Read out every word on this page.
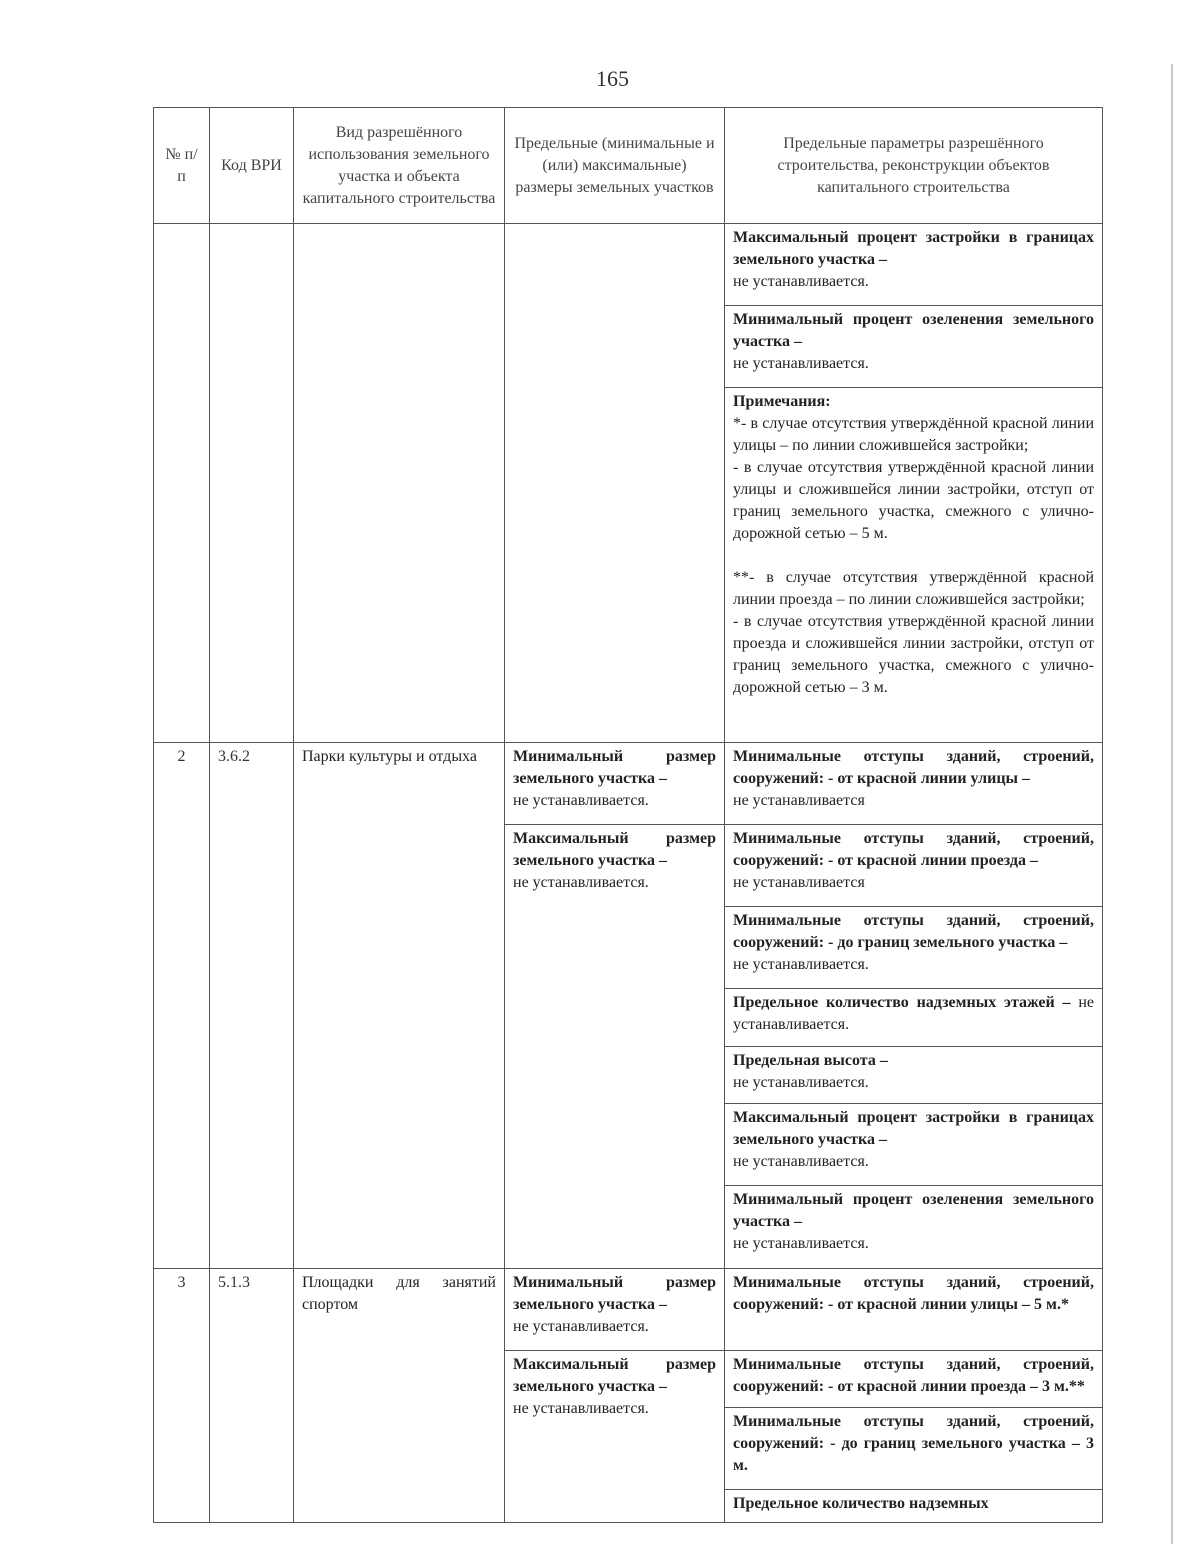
165
№ п/п	Код ВРИ	Вид разрешённого использования земельного участка и объекта капитального строительства	Предельные (минимальные и (или) максимальные) размеры земельных участков	Предельные параметры разрешённого строительства, реконструкции объектов капитального строительства
				Максимальный процент застройки в границах земельного участка –
не устанавливается.
				Минимальный процент озеленения земельного участка –
не устанавливается.

				Примечания:

*- в случае отсутствия утверждённой красной линии улицы – по линии сложившейся застройки;

- в случае отсутствия утверждённой красной линии улицы и сложившейся линии застройки, отступ от границ земельного участка, смежного с улично-дорожной сетью – 5 м.

**- в случае отсутствия утверждённой красной линии проезда – по линии сложившейся застройки;

- в случае отсутствия утверждённой красной линии проезда и сложившейся линии застройки, отступ от границ земельного участка, смежного с улично-дорожной сетью – 3 м.

2	3.6.2	Парки культуры и отдыха	Минимальный размер земельного участка –
не устанавливается.	Минимальные отступы зданий, строений, сооружений: - от красной линии улицы –
не устанавливается
			Максимальный размер земельного участка –
не устанавливается.	Минимальные отступы зданий, строений, сооружений: - от красной линии проезда –
не устанавливается
				Минимальные отступы зданий, строений, сооружений: - до границ земельного участка –
не устанавливается.
				Предельное количество надземных этажей – не устанавливается.
				Предельная высота –
не устанавливается.
				Максимальный процент застройки в границах земельного участка –
не устанавливается.
				Минимальный процент озеленения земельного участка –
не устанавливается.
3	5.1.3	Площадки для занятий спортом	Минимальный размер земельного участка –
не устанавливается.	Минимальные отступы зданий, строений, сооружений: - от красной линии улицы – 5 м.*
			Максимальный размер земельного участка –
не устанавливается.	Минимальные отступы зданий, строений, сооружений: - от красной линии проезда – 3 м.**
				Минимальные отступы зданий, строений, сооружений: - до границ земельного участка – 3 м.
				Предельное количество надземных
